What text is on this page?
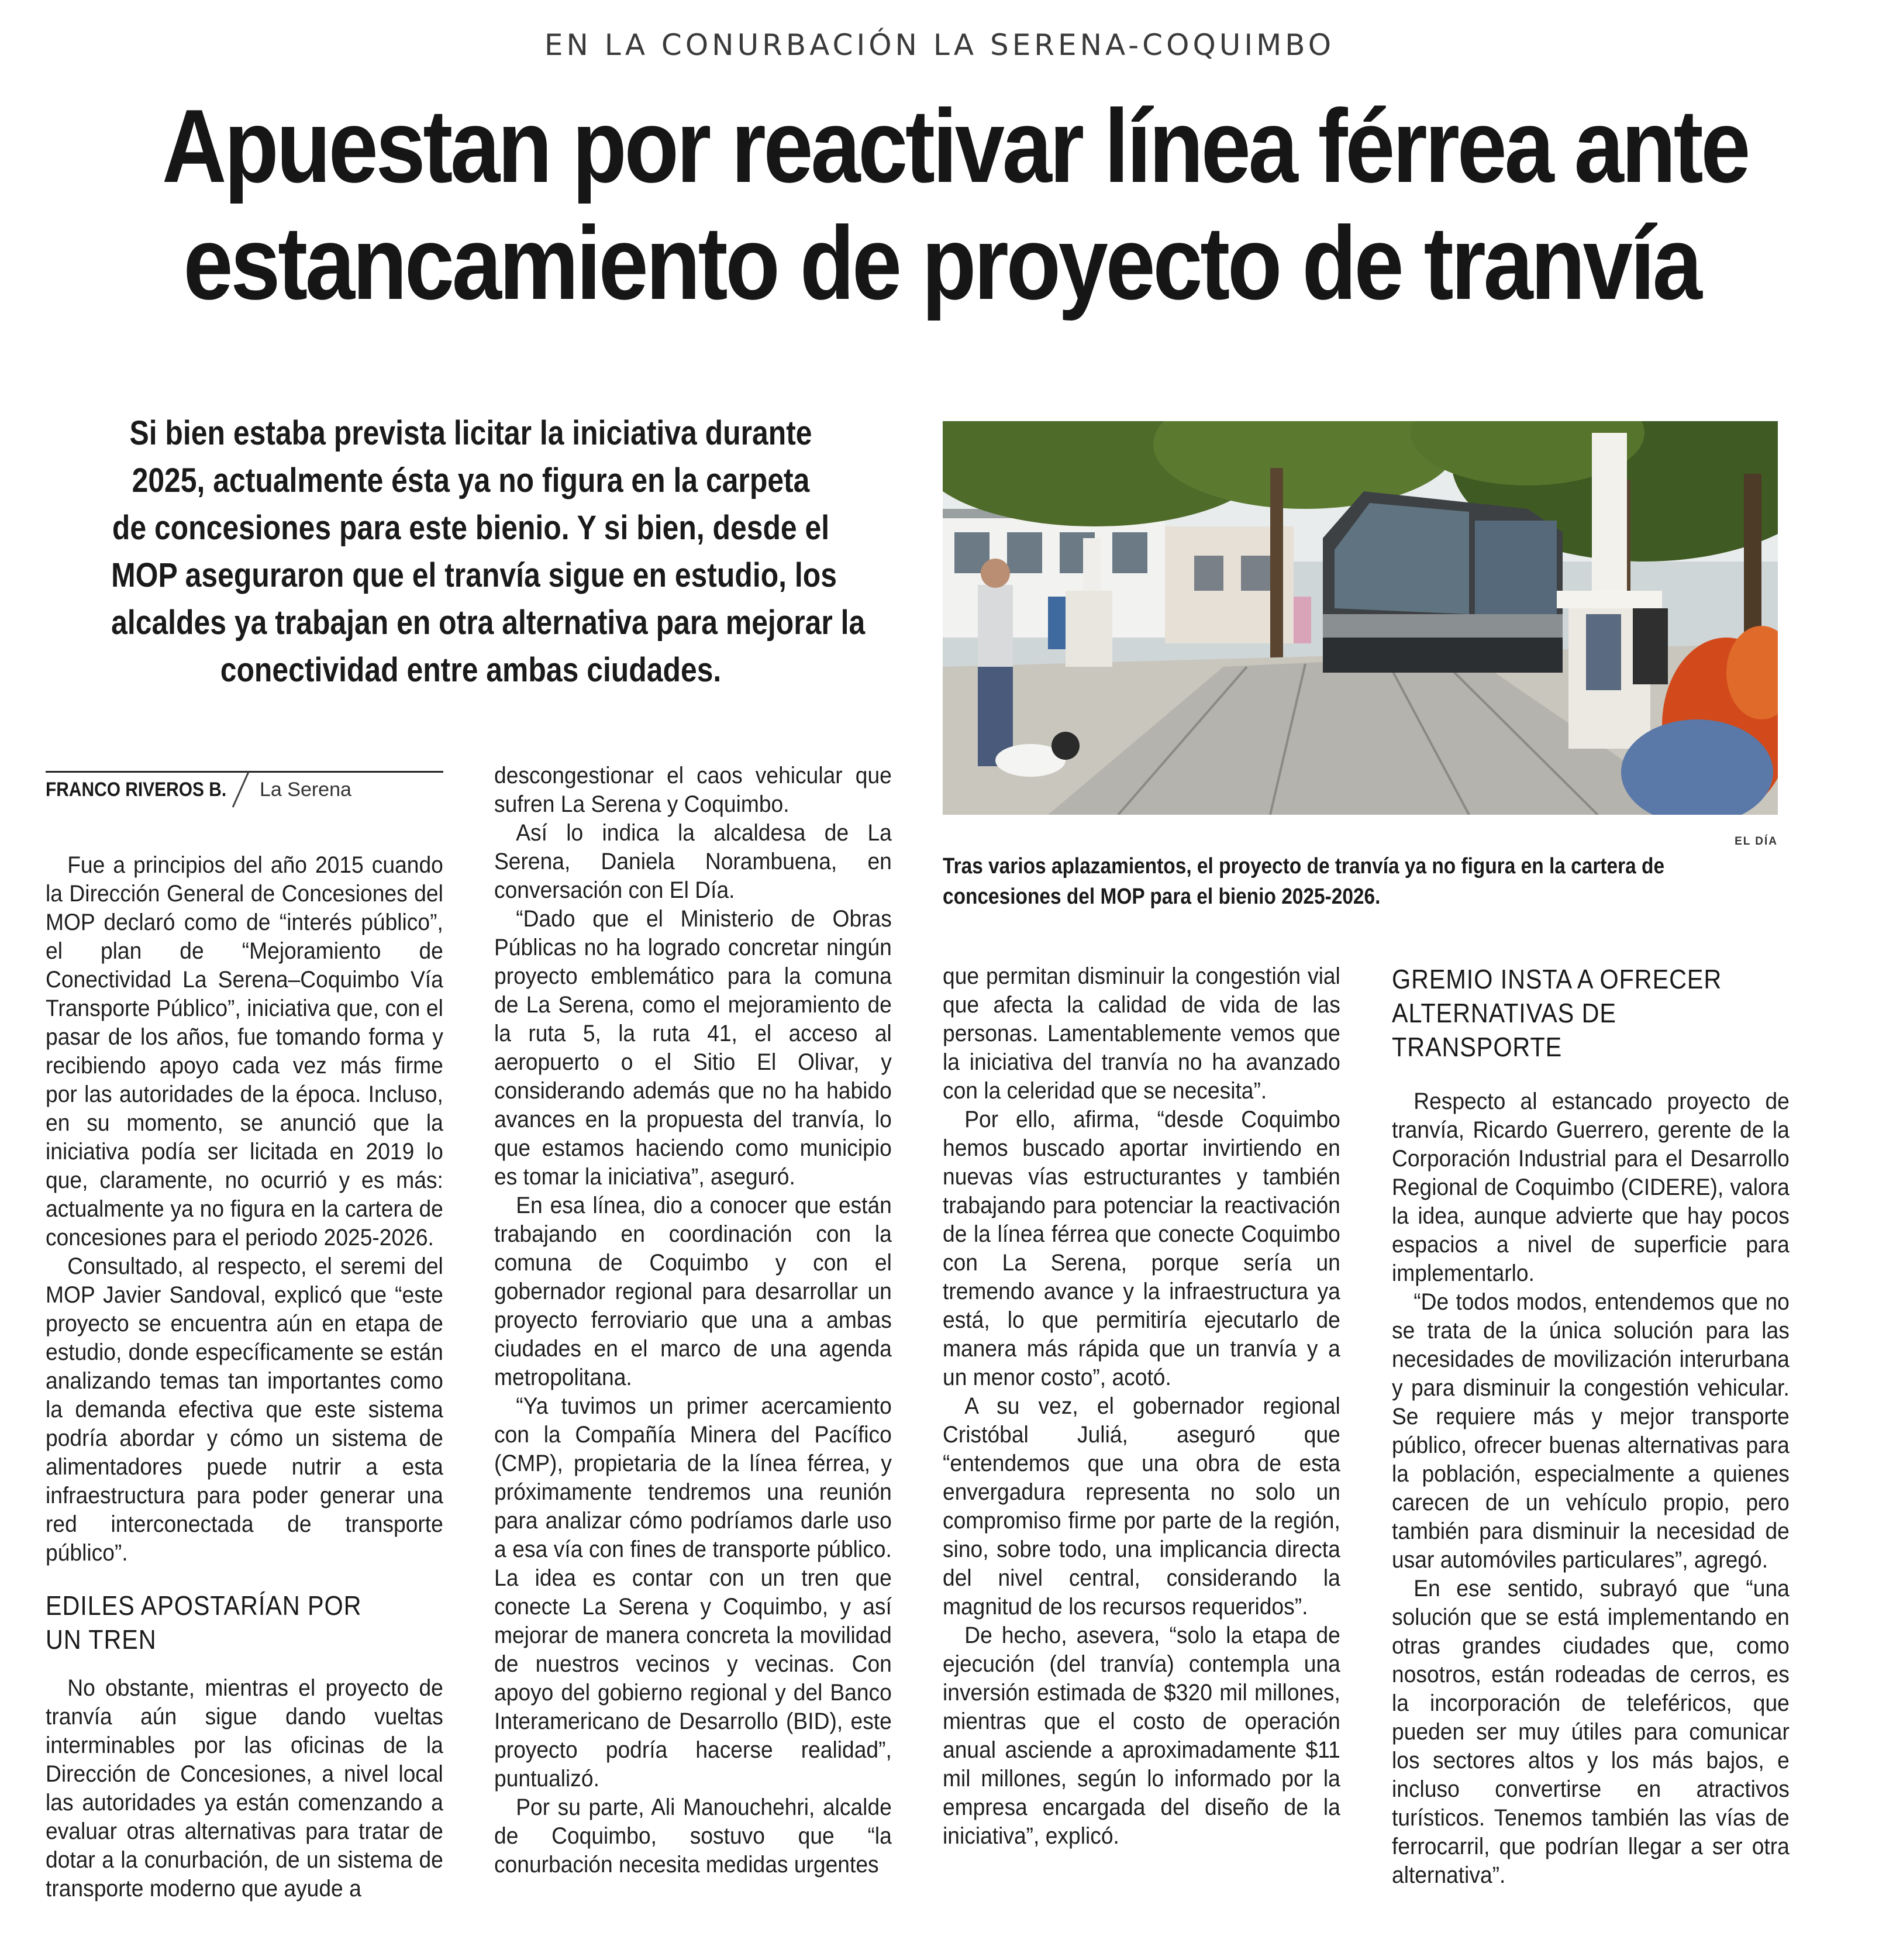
EN LA CONURBACIÓN LA SERENA-COQUIMBO
Apuestan por reactivar línea férrea ante
estancamiento de proyecto de tranvía
Si bien estaba prevista licitar la iniciativa durante
2025, actualmente ésta ya no figura en la carpeta
de concesiones para este bienio. Y si bien, desde el
MOP aseguraron que el tranvía sigue en estudio, los
alcaldes ya trabajan en otra alternativa para mejorar la
conectividad entre ambas ciudades.
EL DÍA
Tras varios aplazamientos, el proyecto de tranvía ya no figura en la cartera de concesiones del MOP para el bienio 2025-2026.
FRANCO RIVEROS B. La Serena

Fue a principios del año 2015 cuando la Dirección General de Concesiones del MOP declaró como de “interés público”, el plan de “Mejoramiento de Conectividad La Serena–Coquimbo Vía Transporte Público”, iniciativa que, con el pasar de los años, fue tomando forma y recibiendo apoyo cada vez más firme por las autoridades de la época. Incluso, en su momento, se anunció que la iniciativa podía ser licitada en 2019 lo que, claramente, no ocurrió y es más: actualmente ya no figura en la cartera de concesiones para el periodo 2025-2026.

Consultado, al respecto, el seremi del MOP Javier Sandoval, explicó que “este proyecto se encuentra aún en etapa de estudio, donde específicamente se están analizando temas tan importantes como la demanda efectiva que este sistema podría abordar y cómo un sistema de alimentadores puede nutrir a esta infraestructura para poder generar una red interconectada de transporte público”.

EDILES APOSTARÍAN POR UN TREN

No obstante, mientras el proyecto de tranvía aún sigue dando vueltas interminables por las oficinas de la Dirección de Concesiones, a nivel local las autoridades ya están comenzando a evaluar otras alternativas para tratar de dotar a la conurbación, de un sistema de transporte moderno que ayude a

descongestionar el caos vehicular que sufren La Serena y Coquimbo.

Así lo indica la alcaldesa de La Serena, Daniela Norambuena, en conversación con El Día.

“Dado que el Ministerio de Obras Públicas no ha logrado concretar ningún proyecto emblemático para la comuna de La Serena, como el mejoramiento de la ruta 5, la ruta 41, el acceso al aeropuerto o el Sitio El Olivar, y considerando además que no ha habido avances en la propuesta del tranvía, lo que estamos haciendo como municipio es tomar la iniciativa”, aseguró.

En esa línea, dio a conocer que están trabajando en coordinación con la comuna de Coquimbo y con el gobernador regional para desarrollar un proyecto ferroviario que una a ambas ciudades en el marco de una agenda metropolitana.

“Ya tuvimos un primer acercamiento con la Compañía Minera del Pacífico (CMP), propietaria de la línea férrea, y próximamente tendremos una reunión para analizar cómo podríamos darle uso a esa vía con fines de transporte público. La idea es contar con un tren que conecte La Serena y Coquimbo, y así mejorar de manera concreta la movilidad de nuestros vecinos y vecinas. Con apoyo del gobierno regional y del Banco Interamericano de Desarrollo (BID), este proyecto podría hacerse realidad”, puntualizó.

Por su parte, Ali Manouchehri, alcalde de Coquimbo, sostuvo que “la conurbación necesita medidas urgentes

que permitan disminuir la congestión vial que afecta la calidad de vida de las personas. Lamentablemente vemos que la iniciativa del tranvía no ha avanzado con la celeridad que se necesita”.

Por ello, afirma, “desde Coquimbo hemos buscado aportar invirtiendo en nuevas vías estructurantes y también trabajando para potenciar la reactivación de la línea férrea que conecte Coquimbo con La Serena, porque sería un tremendo avance y la infraestructura ya está, lo que permitiría ejecutarlo de manera más rápida que un tranvía y a un menor costo”, acotó.

A su vez, el gobernador regional Cristóbal Juliá, aseguró que “entendemos que una obra de esta envergadura representa no solo un compromiso firme por parte de la región, sino, sobre todo, una implicancia directa del nivel central, considerando la magnitud de los recursos requeridos”.

De hecho, asevera, “solo la etapa de ejecución (del tranvía) contempla una inversión estimada de $320 mil millones, mientras que el costo de operación anual asciende a aproximadamente $11 mil millones, según lo informado por la empresa encargada del diseño de la iniciativa”, explicó.

GREMIO INSTA A OFRECER ALTERNATIVAS DE TRANSPORTE

Respecto al estancado proyecto de tranvía, Ricardo Guerrero, gerente de la Corporación Industrial para el Desarrollo Regional de Coquimbo (CIDERE), valora la idea, aunque advierte que hay pocos espacios a nivel de superficie para implementarlo.

“De todos modos, entendemos que no se trata de la única solución para las necesidades de movilización interurbana y para disminuir la congestión vehicular. Se requiere más y mejor transporte público, ofrecer buenas alternativas para la población, especialmente a quienes carecen de un vehículo propio, pero también para disminuir la necesidad de usar automóviles particulares”, agregó.

En ese sentido, subrayó que “una solución que se está implementando en otras grandes ciudades que, como nosotros, están rodeadas de cerros, es la incorporación de teleféricos, que pueden ser muy útiles para comunicar los sectores altos y los más bajos, e incluso convertirse en atractivos turísticos. Tenemos también las vías de ferrocarril, que podrían llegar a ser otra alternativa”.
